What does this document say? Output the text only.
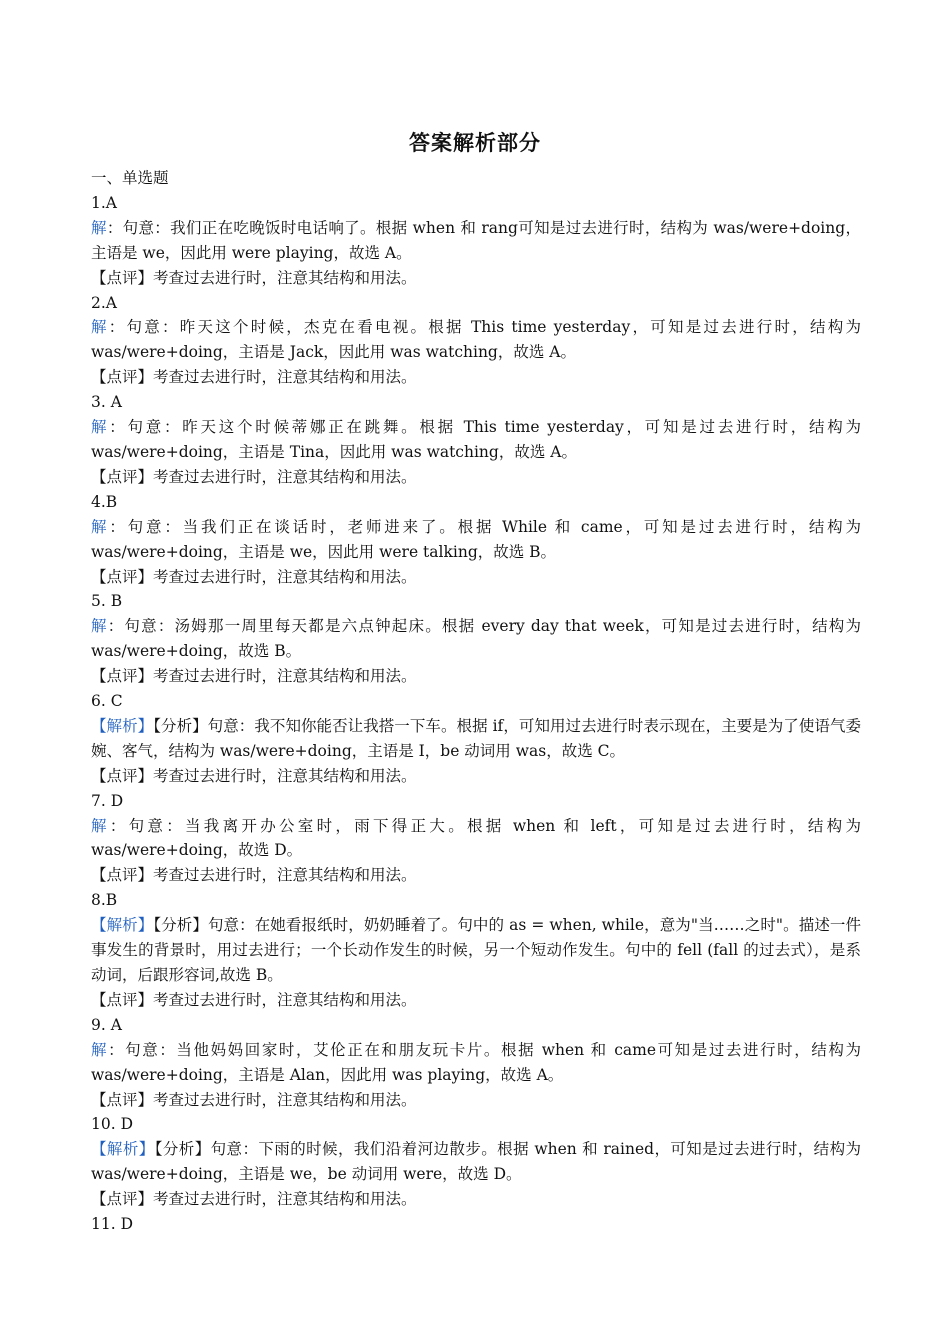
答案解析部分

一、单选题

1.A

解：句意：我们正在吃晚饭时电话响了。根据 when 和 rang可知是过去进行时，结构为 was/were+doing，主语是 we，因此用 were playing，故选 A。

【点评】考查过去进行时，注意其结构和用法。

2.A

解：句意：昨天这个时候，杰克在看电视。根据 This time yesterday，可知是过去进行时，结构为 was/were+doing，主语是 Jack，因此用 was watching，故选 A。

【点评】考查过去进行时，注意其结构和用法。

3. A

解：句意：昨天这个时候蒂娜正在跳舞。根据 This time yesterday，可知是过去进行时，结构为 was/were+doing，主语是 Tina，因此用 was watching，故选 A。

【点评】考查过去进行时，注意其结构和用法。

4.B

解：句意：当我们正在谈话时，老师进来了。根据 While 和 came，可知是过去进行时，结构为 was/were+doing，主语是 we，因此用 were talking，故选 B。

【点评】考查过去进行时，注意其结构和用法。

5. B

解：句意：汤姆那一周里每天都是六点钟起床。根据 every day that week，可知是过去进行时，结构为 was/were+doing，故选 B。

【点评】考查过去进行时，注意其结构和用法。

6. C

【解析】【分析】句意：我不知你能否让我搭一下车。根据 if，可知用过去进行时表示现在，主要是为了使语气委婉、客气，结构为 was/were+doing，主语是 I，be 动词用 was，故选 C。

【点评】考查过去进行时，注意其结构和用法。

7. D

解：句意：当我离开办公室时，雨下得正大。根据 when 和 left，可知是过去进行时，结构为 was/were+doing，故选 D。

【点评】考查过去进行时，注意其结构和用法。

8.B

【解析】【分析】句意：在她看报纸时，奶奶睡着了。句中的 as = when, while，意为"当……之时"。描述一件事发生的背景时，用过去进行；一个长动作发生的时候，另一个短动作发生。句中的 fell (fall 的过去式），是系动词，后跟形容词,故选 B。

【点评】考查过去进行时，注意其结构和用法。

9. A

解：句意：当他妈妈回家时，艾伦正在和朋友玩卡片。根据 when 和 came可知是过去进行时，结构为 was/were+doing，主语是 Alan，因此用 was playing，故选 A。

【点评】考查过去进行时，注意其结构和用法。

10. D

【解析】【分析】句意：下雨的时候，我们沿着河边散步。根据 when 和 rained，可知是过去进行时，结构为 was/were+doing，主语是 we，be 动词用 were，故选 D。

【点评】考查过去进行时，注意其结构和用法。

11. D
